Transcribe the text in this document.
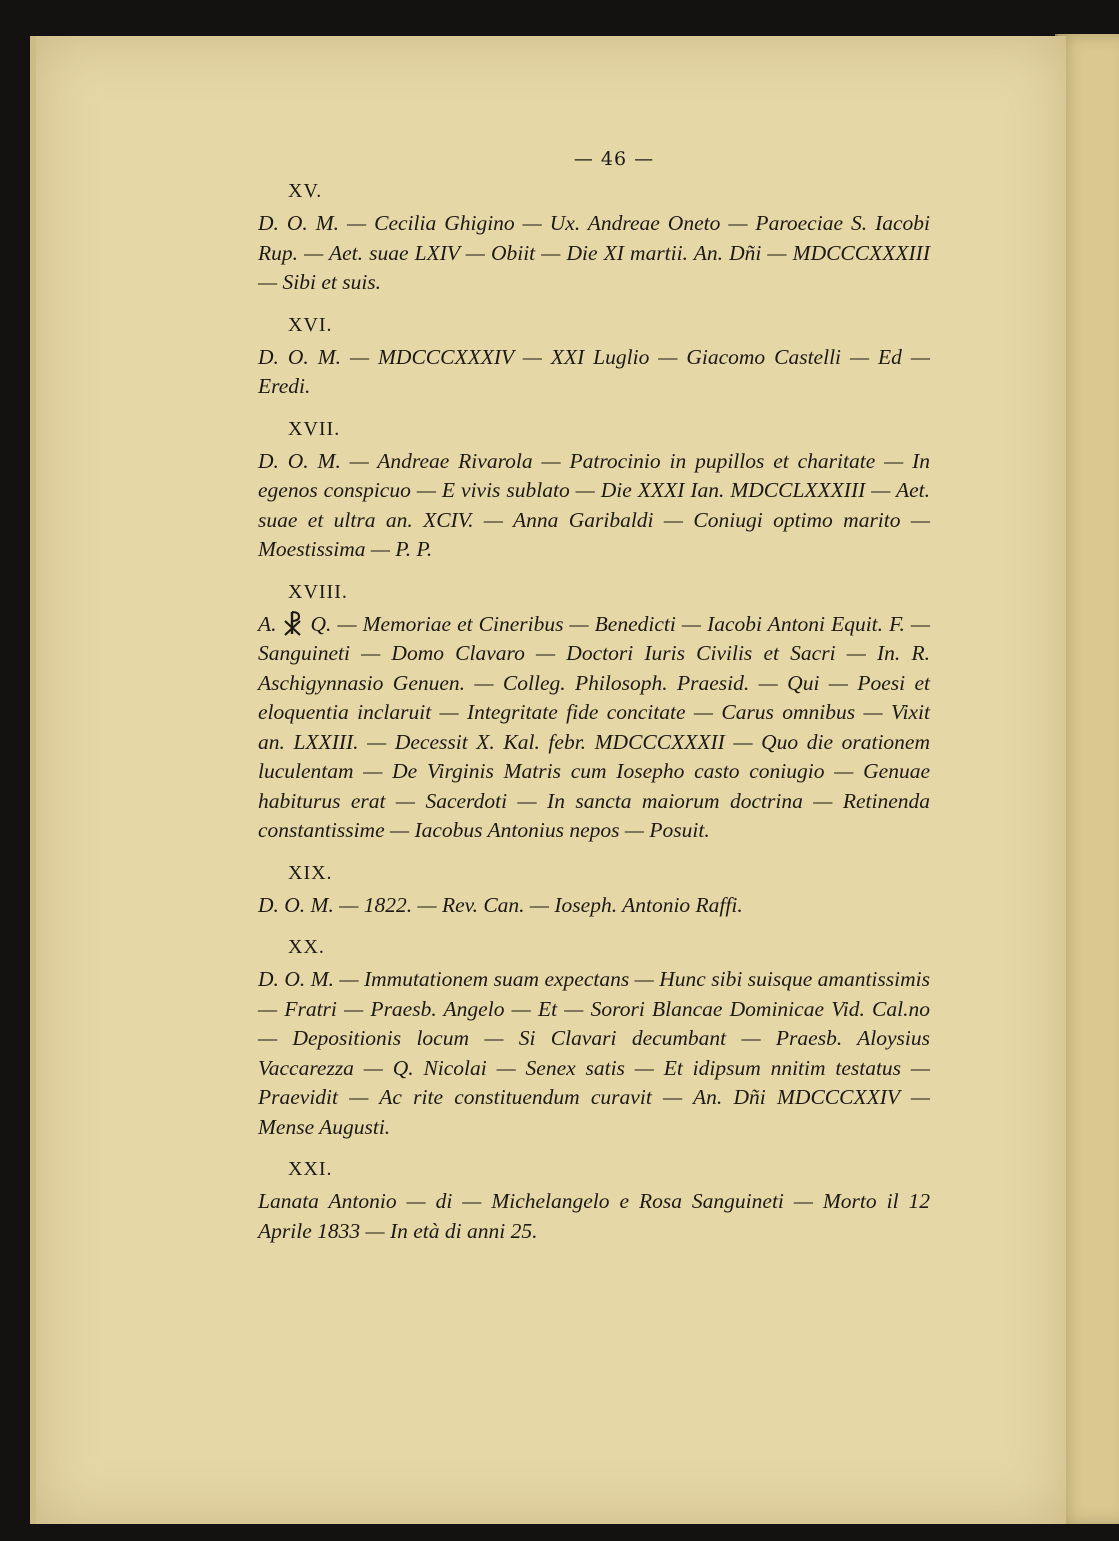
— 46 —
XV.

D. O. M. — Cecilia Ghigino — Ux. Andreae Oneto — Paroeciae S. Iacobi Rup. — Aet. suae LXIV — Obiit — Die XI martii. An. Dñi — MDCCCXXXIII — Sibi et suis.

XVI.

D. O. M. — MDCCCXXXIV — XXI Luglio — Giacomo Castelli — Ed — Eredi.

XVII.

D. O. M. — Andreae Rivarola — Patrocinio in pupillos et charitate — In egenos conspicuo — E vivis sublato — Die XXXI Ian. MDCCLXXXIII — Aet. suae et ultra an. XCIV. — Anna Garibaldi — Coniugi optimo marito — Moestissima — P. P.

XVIII.

A. Q. — Memoriae et Cineribus — Benedicti — Iacobi Antoni Equit. F. — Sanguineti — Domo Clavaro — Doctori Iuris Civilis et Sacri — In. R. Aschigynnasio Genuen. — Colleg. Philosoph. Praesid. — Qui — Poesi et eloquentia inclaruit — Integritate fide concitate — Carus omnibus — Vixit an. LXXIII. — Decessit X. Kal. febr. MDCCCXXXII — Quo die orationem luculentam — De Virginis Matris cum Iosepho casto coniugio — Genuae habiturus erat — Sacerdoti — In sancta maiorum doctrina — Retinenda constantissime — Iacobus Antonius nepos — Posuit.

XIX.

D. O. M. — 1822. — Rev. Can. — Ioseph. Antonio Raffi.

XX.

D. O. M. — Immutationem suam expectans — Hunc sibi suisque amantissimis — Fratri — Praesb. Angelo — Et — Sorori Blancae Dominicae Vid. Cal.no — Depositionis locum — Si Clavari decumbant — Praesb. Aloysius Vaccarezza — Q. Nicolai — Senex satis — Et idipsum nnitim testatus — Praevidit — Ac rite constituendum curavit — An. Dñi MDCCCXXIV — Mense Augusti.

XXI.

Lanata Antonio — di — Michelangelo e Rosa Sanguineti — Morto il 12 Aprile 1833 — In età di anni 25.
